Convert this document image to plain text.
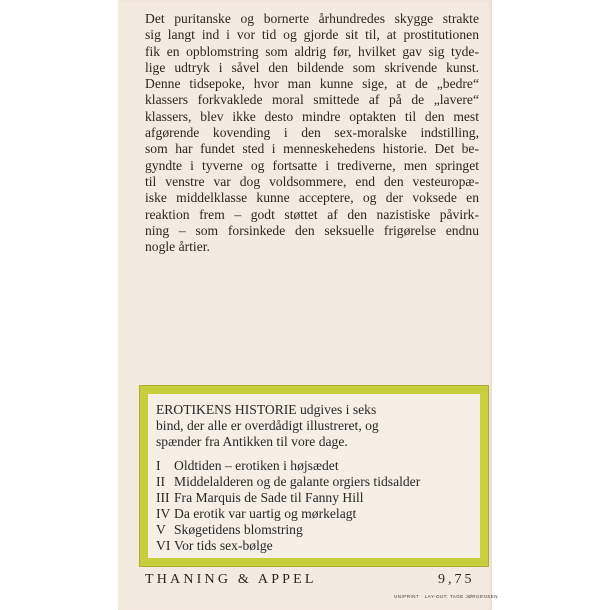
Det puritanske og bornerte århundredes skygge strakte
sig langt ind i vor tid og gjorde sit til, at prostitutionen
fik en opblomstring som aldrig før, hvilket gav sig tyde-
lige udtryk i såvel den bildende som skrivende kunst.
Denne tidsepoke, hvor man kunne sige, at de „bedre“
klassers forkvaklede moral smittede af på de „lavere“
klassers, blev ikke desto mindre optakten til den mest
afgørende kovending i den sex-moralske indstilling,
som har fundet sted i menneskehedens historie. Det be-
gyndte i tyverne og fortsatte i trediverne, men springet
til venstre var dog voldsommere, end den vesteuropæ-
iske middelklasse kunne acceptere, og der voksede en
reaktion frem – godt støttet af den nazistiske påvirk-
ning – som forsinkede den seksuelle frigørelse endnu
nogle årtier.
EROTIKENS HISTORIE udgives i seks
bind, der alle er overdådigt illustreret, og
spænder fra Antikken til vore dage.
I Oldtiden – erotiken i højsædet
II Middelalderen og de galante orgiers tidsalder
III Fra Marquis de Sade til Fanny Hill
IV Da erotik var uartig og mørkelagt
V Skøgetidens blomstring
VI Vor tids sex-bølge
THANING & APPEL	9,75
UNIPRINT · LAY-OUT: TAGE JØRGENSEN
